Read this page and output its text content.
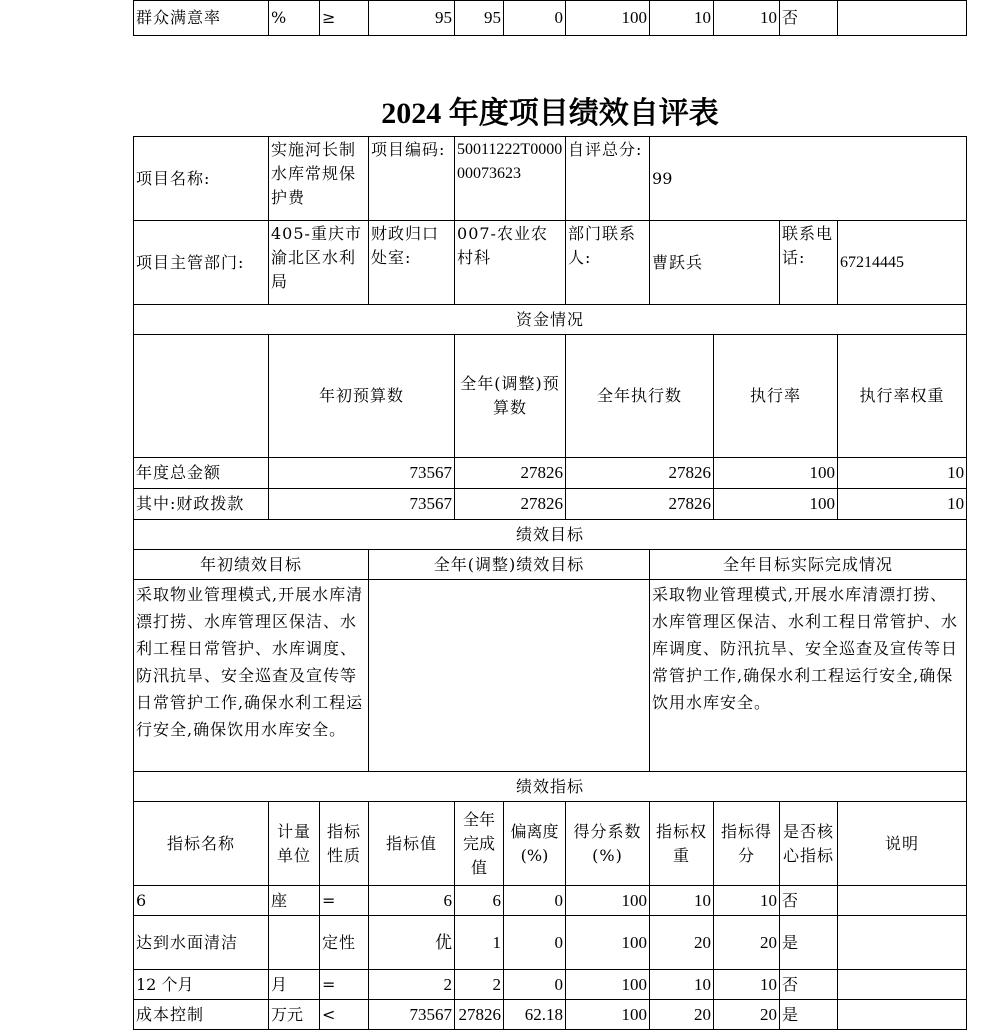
群众满意率	%	≥	95	95	0	100	10	10	否	
2024 年度项目绩效自评表
项目名称:	实施河长制水库常规保护费		项目编码:	50011222T000000073623		自评总分:	99				
项目主管部门:	405-重庆市渝北区水利局		财政归口处室:	007-农业农村科		部门联系人:	曹跃兵		联系电话:	67214445	
资金情况											
	年初预算数			全年(调整)预算数		全年执行数		执行率		执行率权重	
年度总金额	73567			27826		27826		100		10	
其中:财政拨款	73567			27826		27826		100		10	
绩效目标											
年初绩效目标			全年(调整)绩效目标				全年目标实际完成情况				
采取物业管理模式,开展水库清漂打捞、水库管理区保洁、水利工程日常管护、水库调度、防汛抗旱、安全巡查及宣传等日常管护工作,确保水利工程运行安全,确保饮用水库安全。							采取物业管理模式,开展水库清漂打捞、水库管理区保洁、水利工程日常管护、水库调度、防汛抗旱、安全巡查及宣传等日常管护工作,确保水利工程运行安全,确保饮用水库安全。				
绩效指标											
指标名称	计量单位	指标性质	指标值	全年完成值	偏离度(%)	得分系数(%)	指标权重	指标得分	是否核心指标	说明	
6	座	=	6	6	0	100	10	10	否		
达到水面清洁		定性	优	1	0	100	20	20	是		
12 个月	月	=	2	2	0	100	10	10	否		
成本控制	万元	<	73567	27826	62.18	100	20	20	是		
